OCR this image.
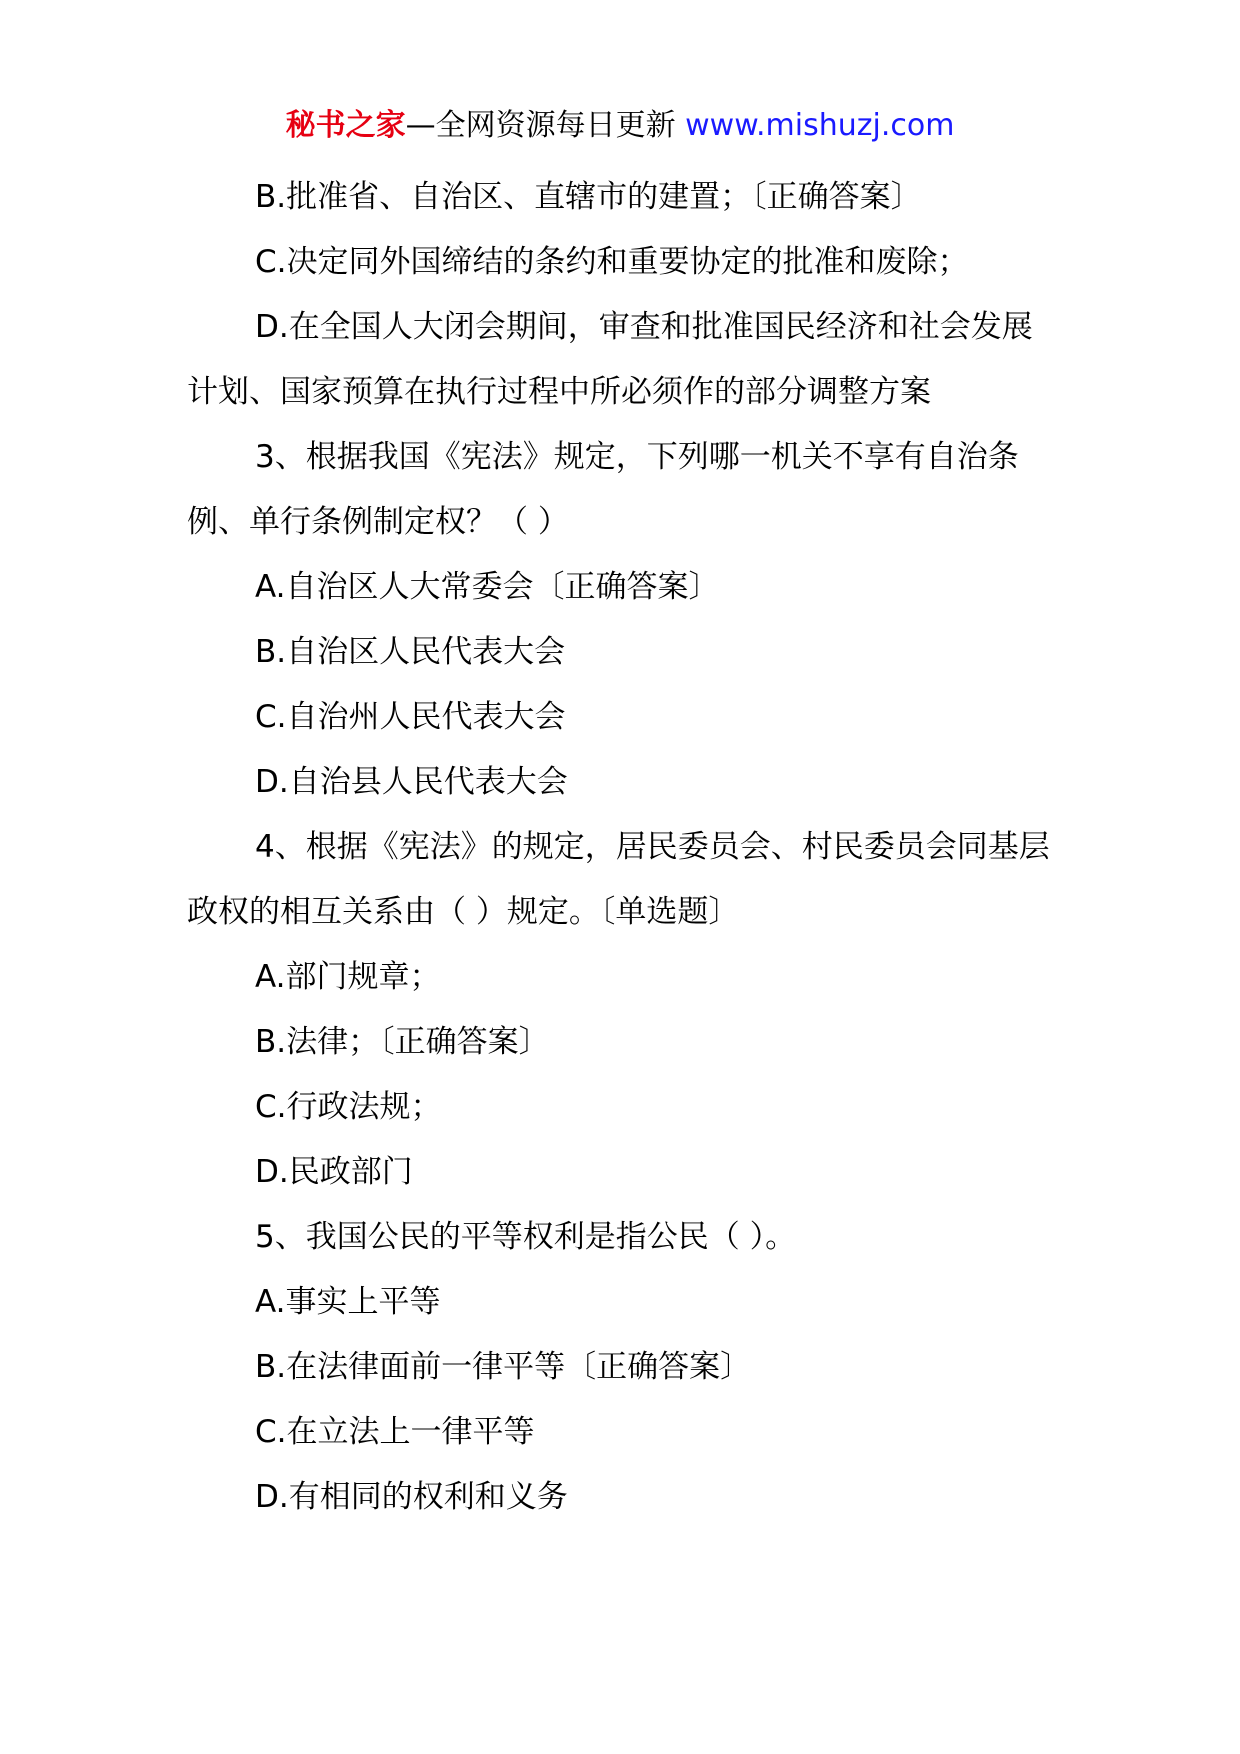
秘书之家—全网资源每日更新 www.mishuzj.com

B.批准省、自治区、直辖市的建置；〔正确答案〕

C.决定同外国缔结的条约和重要协定的批准和废除；

D.在全国人大闭会期间，审查和批准国民经济和社会发展计划、国家预算在执行过程中所必须作的部分调整方案

3、根据我国《宪法》规定，下列哪一机关不享有自治条例、单行条例制定权？（ ）

A.自治区人大常委会〔正确答案〕

B.自治区人民代表大会

C.自治州人民代表大会

D.自治县人民代表大会

4、根据《宪法》的规定，居民委员会、村民委员会同基层政权的相互关系由（ ）规定。〔单选题〕

A.部门规章；

B.法律；〔正确答案〕

C.行政法规；

D.民政部门

5、我国公民的平等权利是指公民（ ）。

A.事实上平等

B.在法律面前一律平等〔正确答案〕

C.在立法上一律平等

D.有相同的权利和义务
